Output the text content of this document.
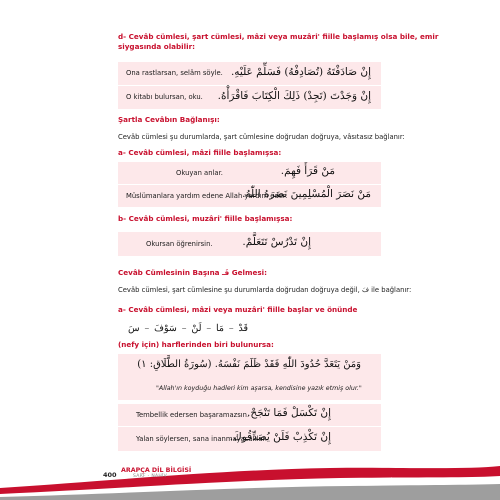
d- Cevâb cümlesi, şart cümlesi, mâzi veya muzâri' fiille başlamış olsa bile, emir
siygasında olabilir:
Ona rastlarsan, selâm söyle. إِنْ صَادَفْتَهُ (تُصَادِفْهُ) فَسَلِّمْ عَلَيْهِ.
O kitabı bulursan, oku. إِنْ وَجَدْتَ (تَجِدْ) ذَلِكَ الْكِتَابَ فَاقْرَأْهُ.
Şartla Cevâbın Bağlanışı:
Cevâb cümlesi şu durumlarda, şart cümlesine doğrudan doğruya, vâsıtasız bağlanır:
a- Cevâb cümlesi, mâzi fiille başlamışsa:
Okuyan anlar.	مَنْ قَرَأَ فَهِمَ.
Müslümanlara yardım edene Allah yardım eder.
مَنْ نَصَرَ الْمُسْلِمِينَ نَصَرَهُ اللّٰهُ.
b- Cevâb cümlesi, muzâri' fiille başlamışsa:
Okursan öğrenirsin.	إِنْ تَدْرُسْ تَتَعَلَّمْ.
Cevâb Cümlesinin Başına فَـ Gelmesi:
Cevâb cümlesi, şart cümlesine şu durumlarda doğrudan doğruya değil, فَ ile bağlanır:
a- Cevâb cümlesi, mâzi veya muzâri' fiille başlar ve önünde
قَدْ
–
مَا
–
لَنْ
–
سَوْفَ
–
سَ
(nefy için) harflerinden biri bulunursa:
وَمَنْ يَتَعَدَّ حُدُودَ اللّٰهِ فَقَدْ ظَلَمَ نَفْسَهُ. (سُورَةُ الطَّلَاقِ: ١)
"Allah'ın koyduğu hadleri kim aşarsa, kendisine yazık etmiş olur."
Tembellik edersen başaramazsın.
إِنْ تَكْسَلْ فَمَا تَنْجَحْ.
Yalan söylersen, sana inanmayacaklar.
إِنْ تَكْذِبْ فَلَنْ يُصَدِّقُوكَ.
400
ARAPÇA DİL BİLGİSİ
SARF - NAHİV
